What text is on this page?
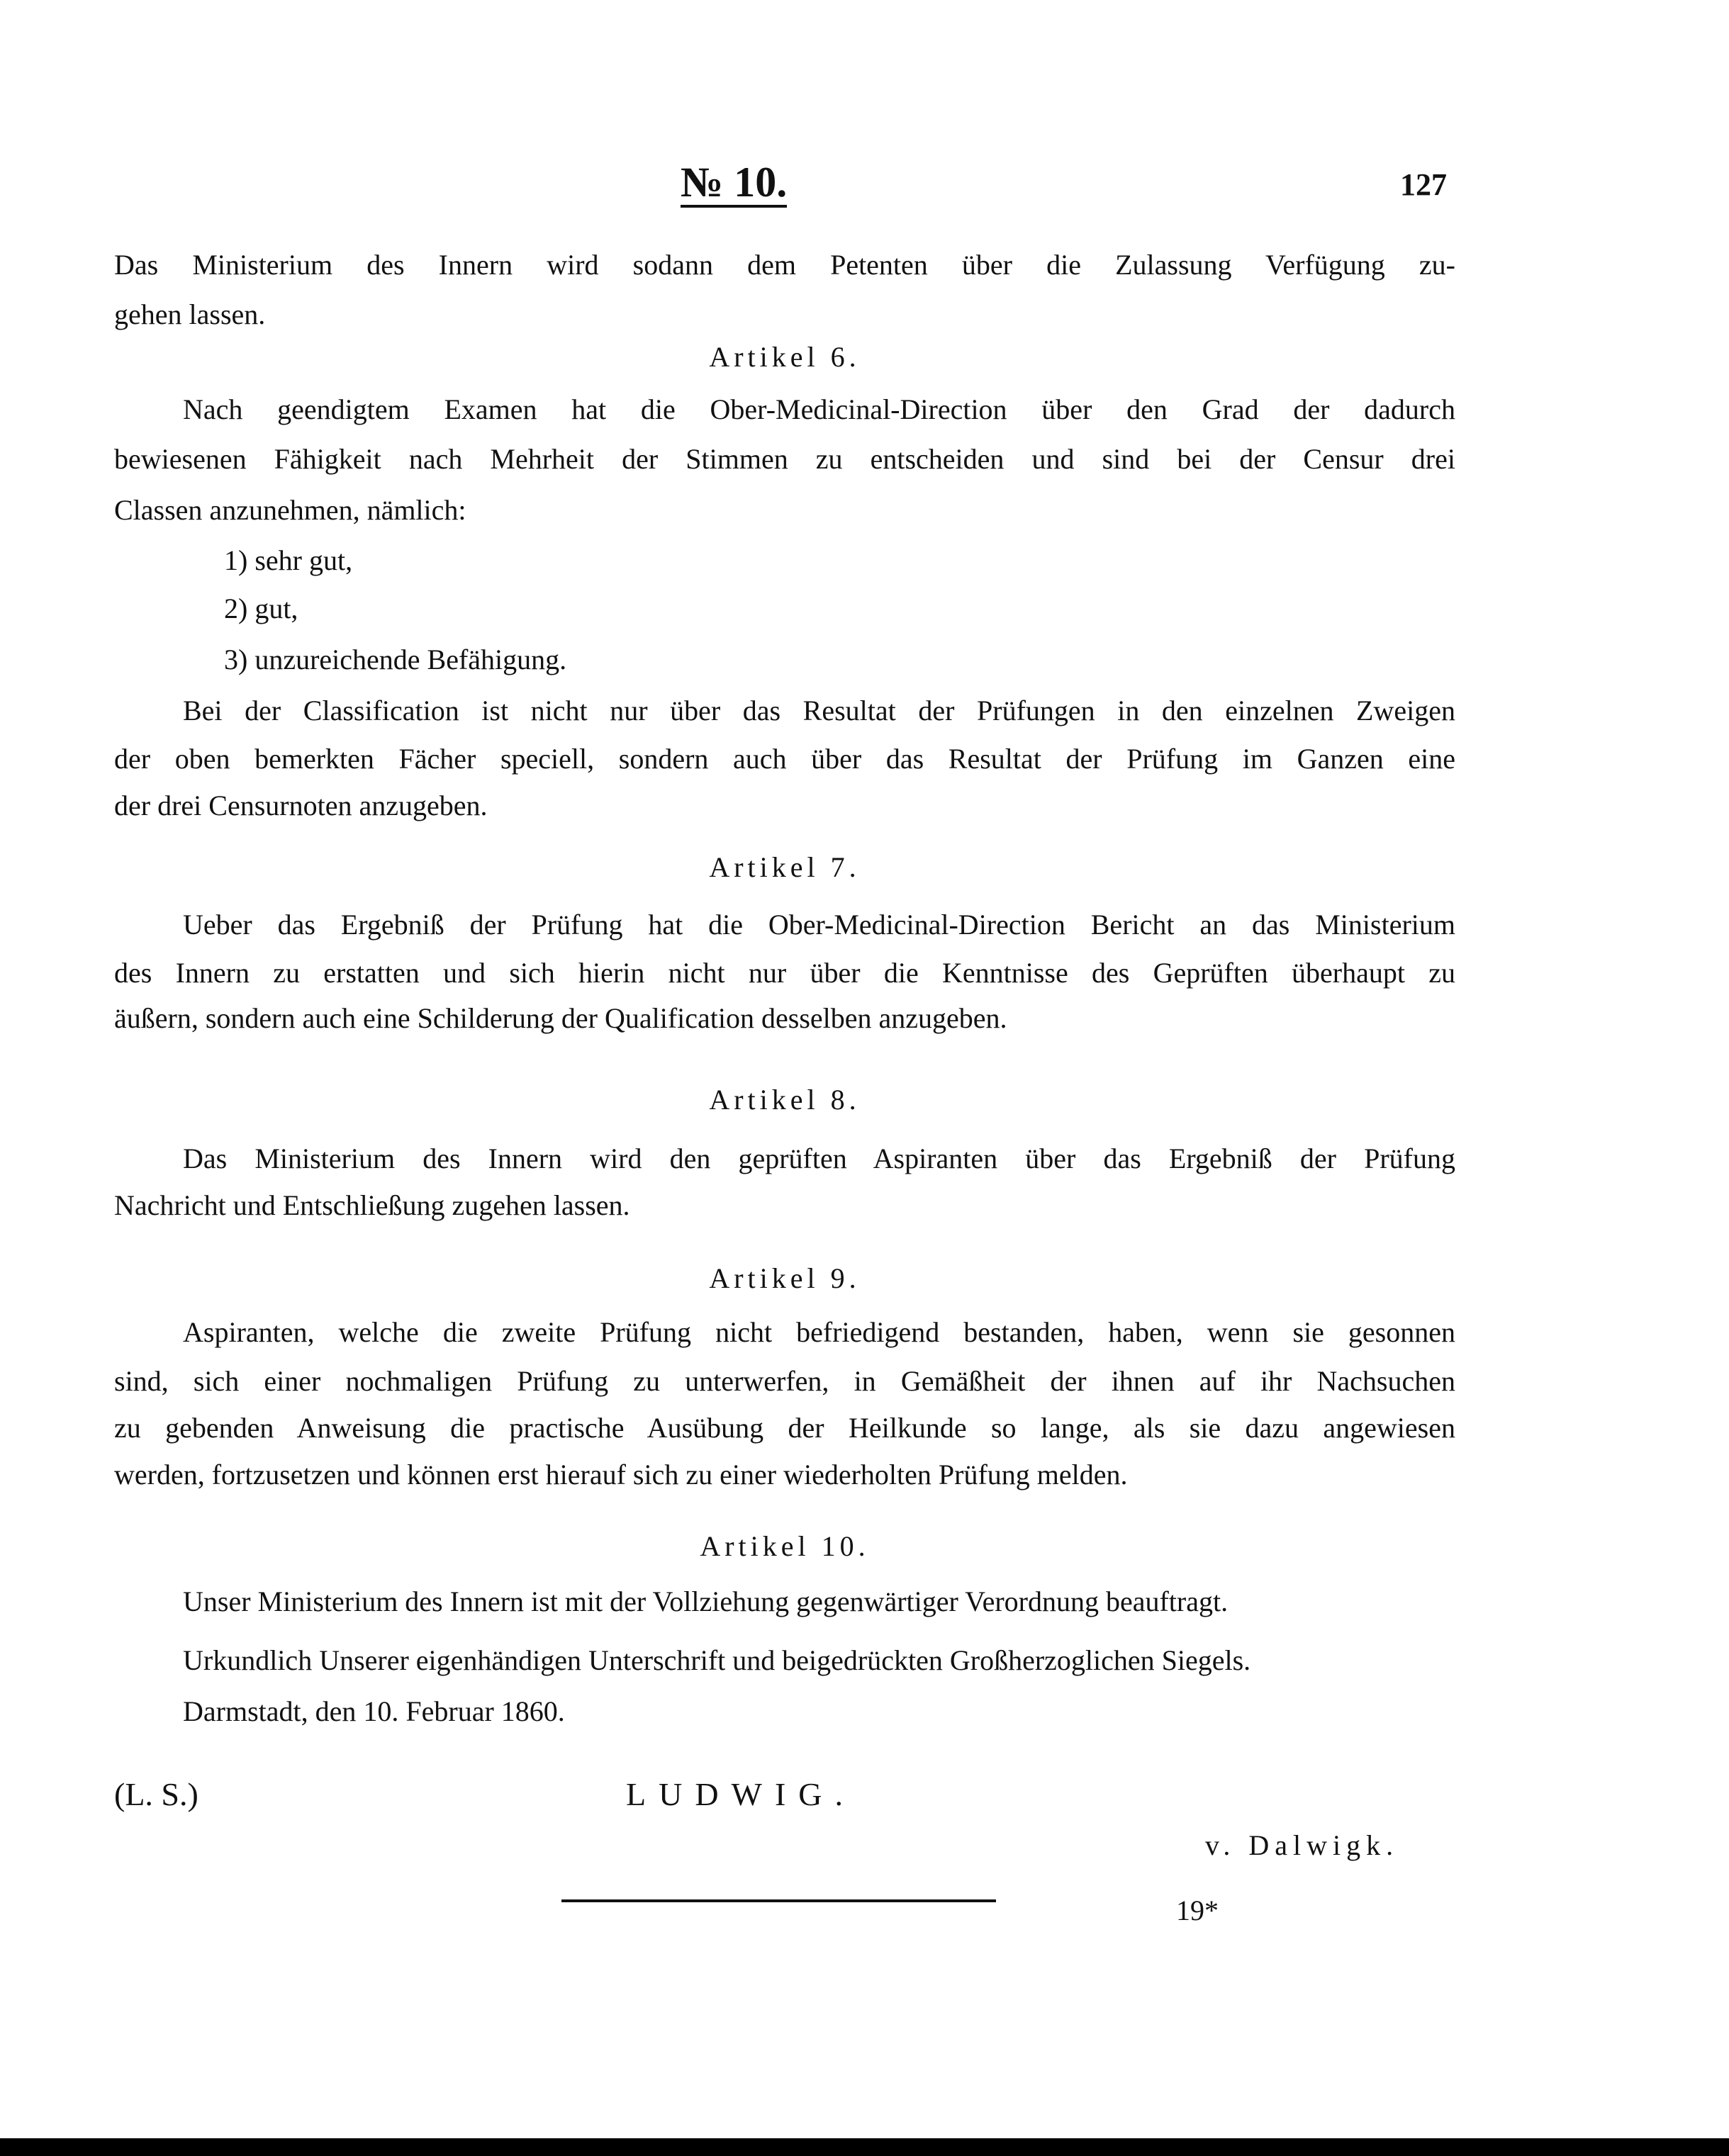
№ 10.	127
Das Ministerium des Innern wird sodann dem Petenten über die Zulassung Verfügung zu-
gehen lassen.
Artikel 6.
Nach geendigtem Examen hat die Ober-Medicinal-Direction über den Grad der dadurch
bewiesenen Fähigkeit nach Mehrheit der Stimmen zu entscheiden und sind bei der Censur drei
Classen anzunehmen, nämlich:
1) sehr gut,
2) gut,
3) unzureichende Befähigung.
Bei der Classification ist nicht nur über das Resultat der Prüfungen in den einzelnen Zweigen
der oben bemerkten Fächer speciell, sondern auch über das Resultat der Prüfung im Ganzen eine
der drei Censurnoten anzugeben.
Artikel 7.
Ueber das Ergebniß der Prüfung hat die Ober-Medicinal-Direction Bericht an das Ministerium
des Innern zu erstatten und sich hierin nicht nur über die Kenntnisse des Geprüften überhaupt zu
äußern, sondern auch eine Schilderung der Qualification desselben anzugeben.
Artikel 8.
Das Ministerium des Innern wird den geprüften Aspiranten über das Ergebniß der Prüfung
Nachricht und Entschließung zugehen lassen.
Artikel 9.
Aspiranten, welche die zweite Prüfung nicht befriedigend bestanden, haben, wenn sie gesonnen
sind, sich einer nochmaligen Prüfung zu unterwerfen, in Gemäßheit der ihnen auf ihr Nachsuchen
zu gebenden Anweisung die practische Ausübung der Heilkunde so lange, als sie dazu angewiesen
werden, fortzusetzen und können erst hierauf sich zu einer wiederholten Prüfung melden.
Artikel 10.
Unser Ministerium des Innern ist mit der Vollziehung gegenwärtiger Verordnung beauftragt.
Urkundlich Unserer eigenhändigen Unterschrift und beigedrückten Großherzoglichen Siegels.
Darmstadt, den 10. Februar 1860.
(L. S.)	LUDWIG.
v. Dalwigk.
19*
